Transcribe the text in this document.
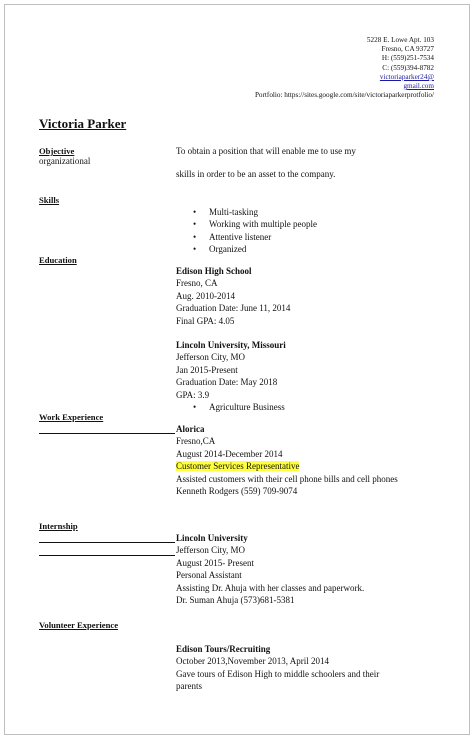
5228 E. Lowe Apt. 103
Fresno, CA 93727
H: (559)251-7534
C: (559)394-8782
victoriaparker24@
gmail.com
Portfolio: https://sites.google.com/site/victoriaparkerprotfolio/
Victoria Parker
Objective
organizational
To obtain a position that will enable me to use my
skills in order to be an asset to the company.
Skills
• Multi-tasking
• Working with multiple people
• Attentive listener
• Organized
Education
Edison High School
Fresno, CA
Aug. 2010-2014
Graduation Date: June 11, 2014
Final GPA: 4.05
Lincoln University, Missouri
Jefferson City, MO
Jan 2015-Present
Graduation Date: May 2018
GPA: 3.9
• Agriculture Business
Work Experience
Alorica
Fresno,CA
August 2014-December 2014
Customer Services Representative
Assisted customers with their cell phone bills and cell phones
Kenneth Rodgers (559) 709-9074
Internship
Lincoln University
Jefferson City, MO
August 2015- Present
Personal Assistant
Assisting Dr. Ahuja with her classes and paperwork.
Dr. Suman Ahuja (573)681-5381
Volunteer Experience
Edison Tours/Recruiting
October 2013,November 2013, April 2014
Gave tours of Edison High to middle schoolers and their
parents
